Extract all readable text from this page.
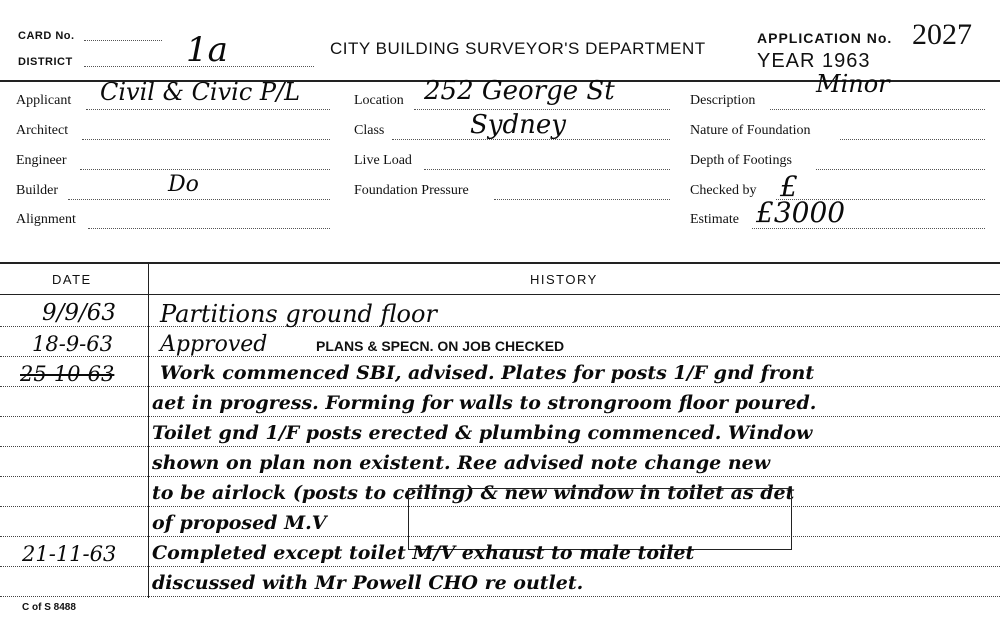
CARD No.
DISTRICT	1a	CITY BUILDING SURVEYOR'S DEPARTMENT
APPLICATION No. 2027
YEAR 1963
Applicant Civil & Civic P/L
Architect
Engineer
Builder	Do
Alignment
Location 252 George St
Class	Sydney
Live Load
Foundation Pressure
Description
Minor
Nature of Foundation
Depth of Footings
Checked by £
Estimate £3000
DATE	HISTORY
9/9/63 Partitions ground floor
18-9-63 Approved	PLANS & SPECN. ON JOB CHECKED
25-10-63 Work commenced SBI, advised. Plates for posts 1/F gnd front
aet in progress. Forming for walls to strongroom floor poured.
Toilet gnd 1/F posts erected & plumbing commenced. Window
shown on plan non existent. Ree advised note change new
to be airlock (posts to ceiling) & new window in toilet as det
of proposed M.V
21-11-63 Completed except toilet M/V exhaust to male toilet
discussed with Mr Powell CHO re outlet.
C of S 8488
